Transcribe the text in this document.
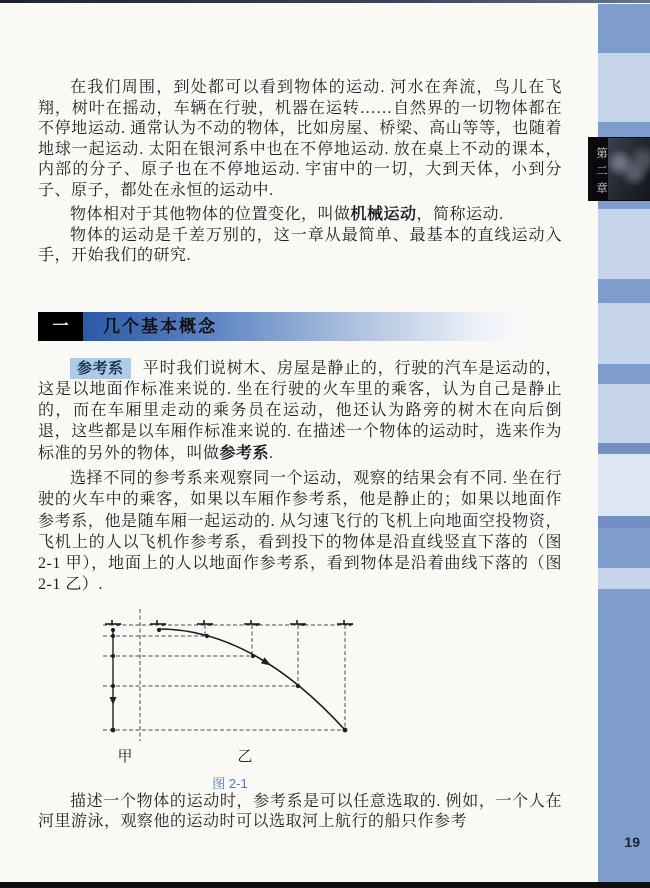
第二章
19

在我们周围，到处都可以看到物体的运动. 河水在奔流，鸟儿在飞翔，树叶在摇动，车辆在行驶，机器在运转……自然界的一切物体都在不停地运动. 通常认为不动的物体，比如房屋、桥梁、高山等等，也随着地球一起运动. 太阳在银河系中也在不停地运动. 放在桌上不动的课本，内部的分子、原子也在不停地运动. 宇宙中的一切，大到天体，小到分子、原子，都处在永恒的运动中.

物体相对于其他物体的位置变化，叫做机械运动，简称运动.

物体的运动是千差万别的，这一章从最简单、最基本的直线运动入手，开始我们的研究.

一	几个基本概念

参考系 平时我们说树木、房屋是静止的，行驶的汽车是运动的，这是以地面作标准来说的. 坐在行驶的火车里的乘客，认为自己是静止的，而在车厢里走动的乘务员在运动，他还认为路旁的树木在向后倒退，这些都是以车厢作标准来说的. 在描述一个物体的运动时，选来作为标准的另外的物体，叫做参考系.

选择不同的参考系来观察同一个运动，观察的结果会有不同. 坐在行驶的火车中的乘客，如果以车厢作参考系，他是静止的；如果以地面作参考系，他是随车厢一起运动的. 从匀速飞行的飞机上向地面空投物资，飞机上的人以飞机作参考系，看到投下的物体是沿直线竖直下落的（图 2-1 甲），地面上的人以地面作参考系，看到物体是沿着曲线下落的（图 2-1 乙）.

甲	乙
图 2-1

描述一个物体的运动时，参考系是可以任意选取的. 例如，一个人在河里游泳，观察他的运动时可以选取河上航行的船只作参考
